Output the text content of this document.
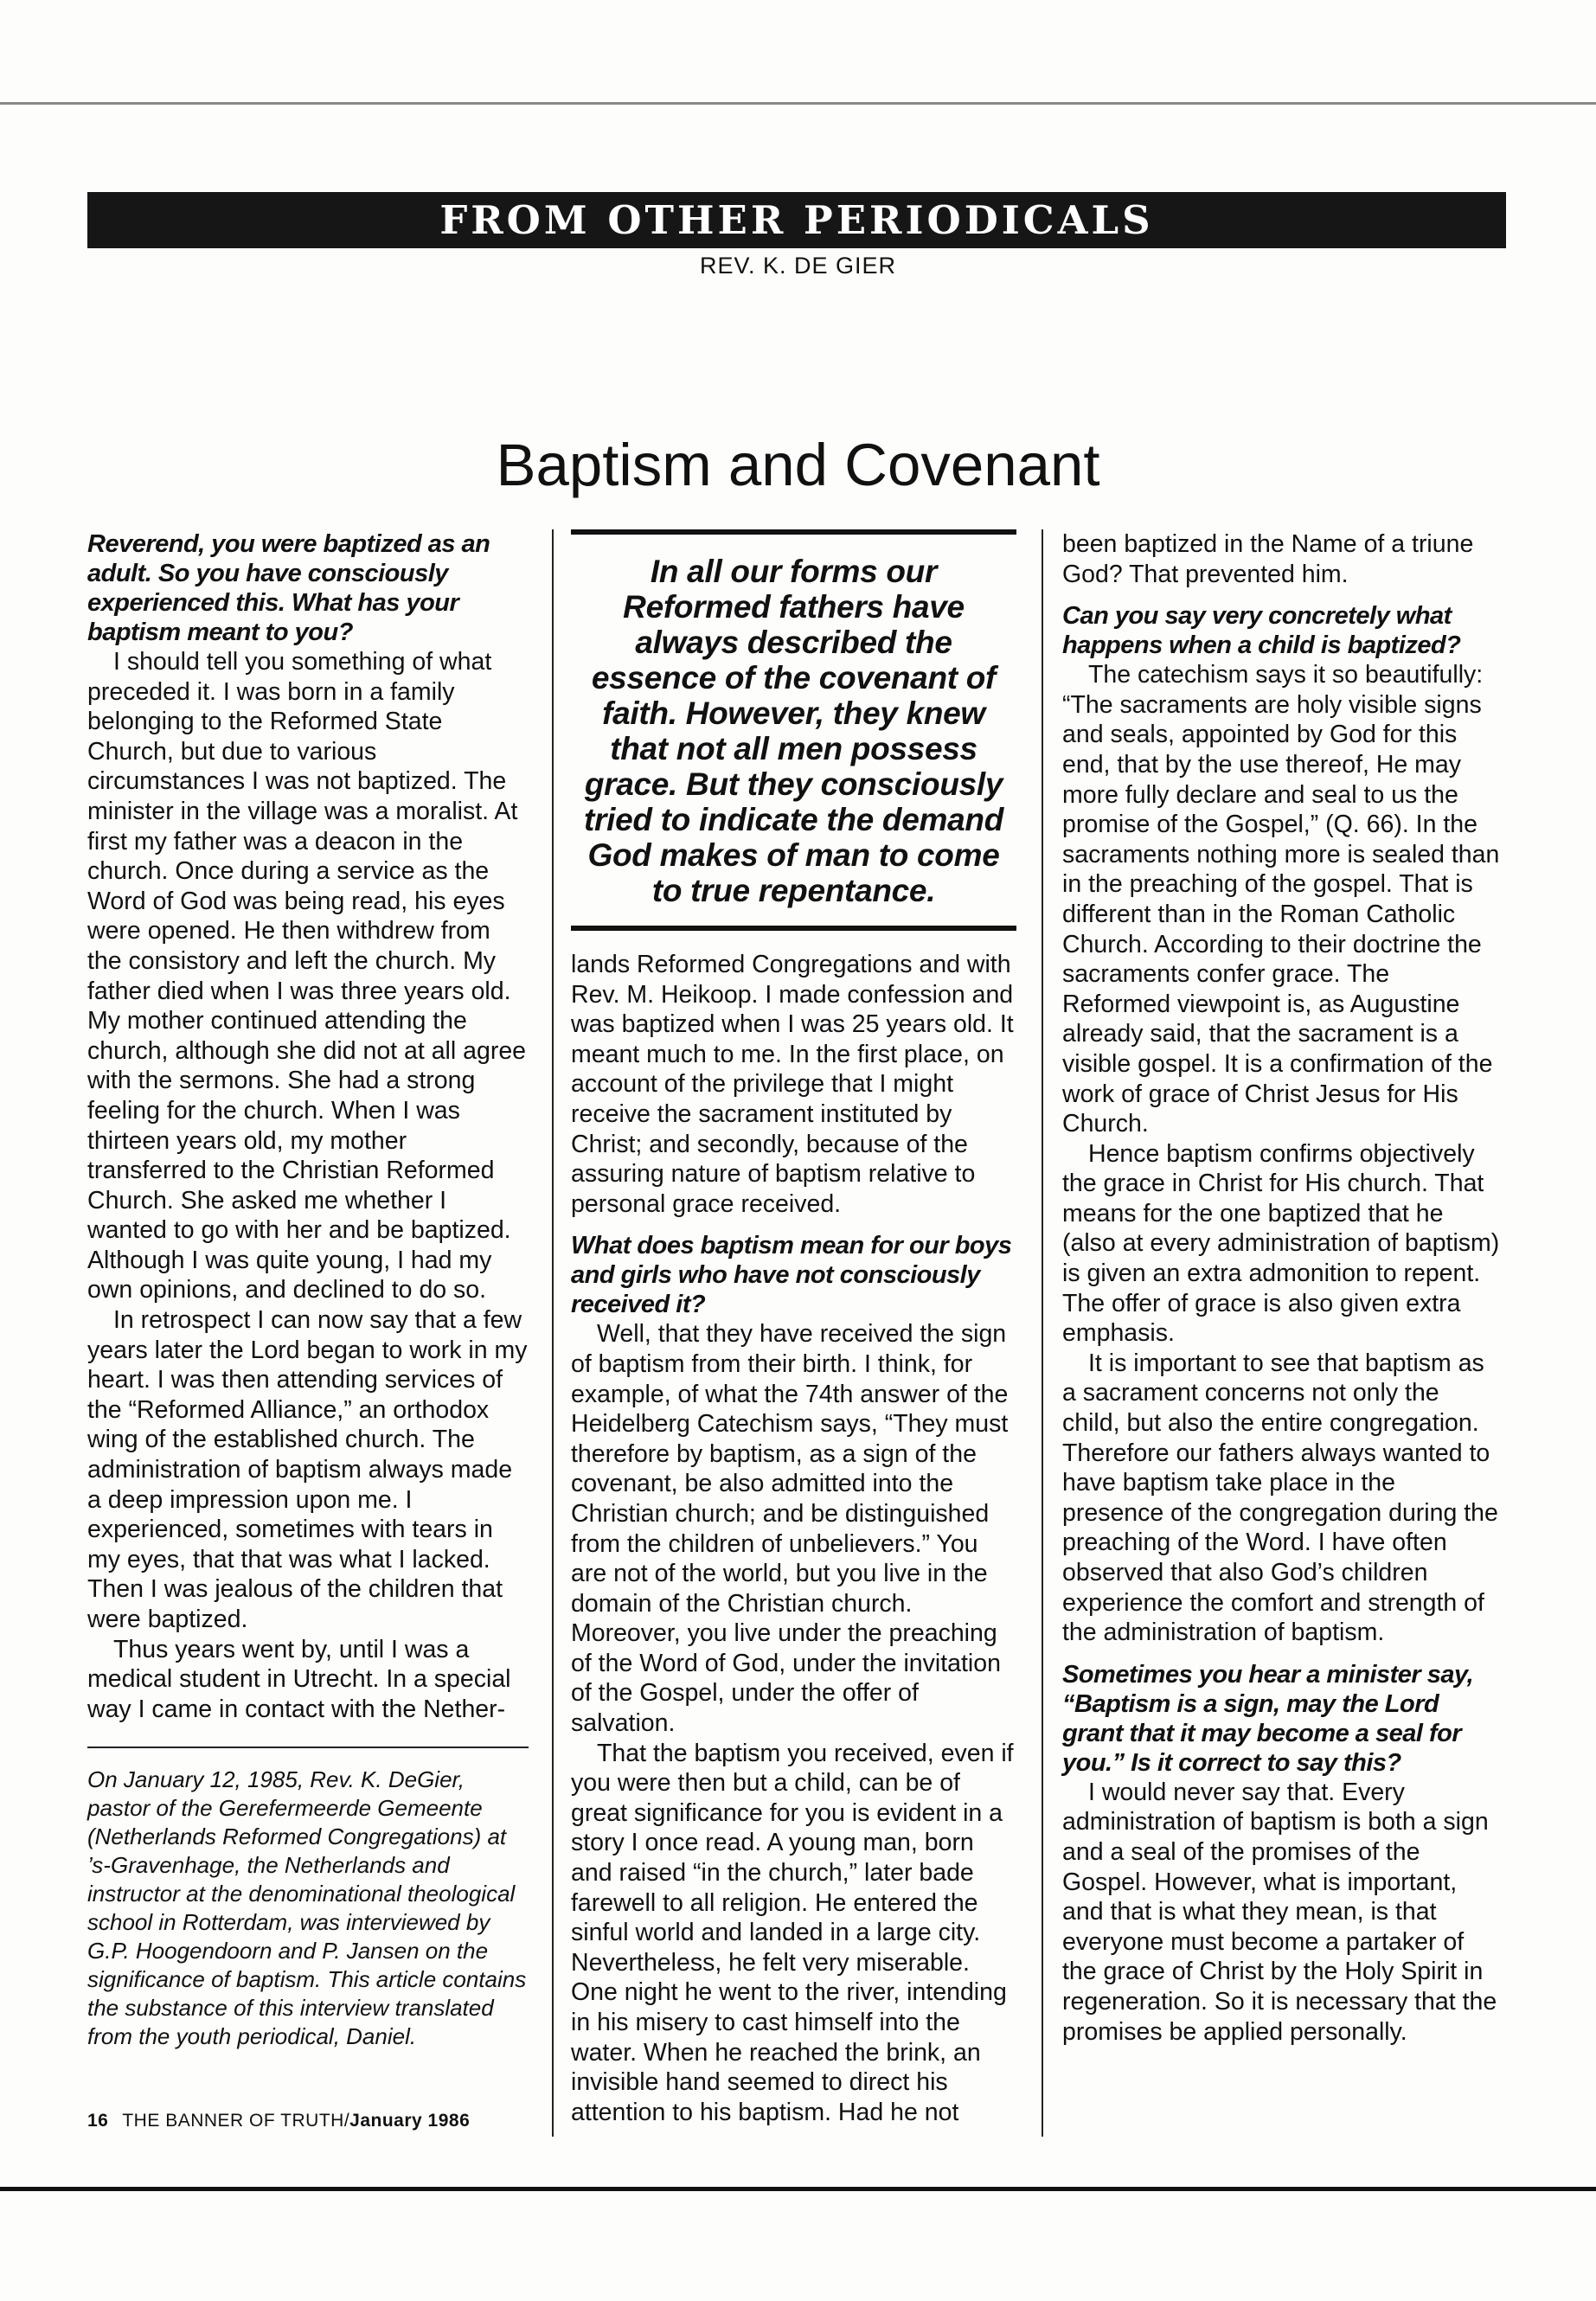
FROM OTHER PERIODICALS
REV. K. DE GIER
Baptism and Covenant

Reverend, you were baptized as an adult. So you have consciously experienced this. What has your baptism meant to you?

I should tell you something of what preceded it. I was born in a family belonging to the Reformed State Church, but due to various circumstances I was not baptized. The minister in the village was a moralist. At first my father was a deacon in the church. Once during a service as the Word of God was being read, his eyes were opened. He then withdrew from the consistory and left the church. My father died when I was three years old. My mother continued attending the church, although she did not at all agree with the sermons. She had a strong feeling for the church. When I was thirteen years old, my mother transferred to the Christian Reformed Church. She asked me whether I wanted to go with her and be baptized. Although I was quite young, I had my own opinions, and declined to do so.

In retrospect I can now say that a few years later the Lord began to work in my heart. I was then attending services of the “Reformed Alliance,” an orthodox wing of the established church. The administration of baptism always made a deep impression upon me. I experienced, sometimes with tears in my eyes, that that was what I lacked. Then I was jealous of the children that were baptized.

Thus years went by, until I was a medical student in Utrecht. In a special way I came in contact with the Nether-

On January 12, 1985, Rev. K. DeGier, pastor of the Gerefermeerde Gemeente (Netherlands Reformed Congregations) at ’s-Gravenhage, the Netherlands and instructor at the denominational theological school in Rotterdam, was interviewed by G.P. Hoogendoorn and P. Jansen on the significance of baptism. This article contains the substance of this interview translated from the youth periodical, Daniel.

In all our forms our Reformed fathers have always described the essence of the covenant of faith. However, they knew that not all men possess grace. But they consciously tried to indicate the demand God makes of man to come to true repentance.

lands Reformed Congregations and with Rev. M. Heikoop. I made confession and was baptized when I was 25 years old. It meant much to me. In the first place, on account of the privilege that I might receive the sacrament instituted by Christ; and secondly, because of the assuring nature of baptism relative to personal grace received.

What does baptism mean for our boys and girls who have not consciously received it?

Well, that they have received the sign of baptism from their birth. I think, for example, of what the 74th answer of the Heidelberg Catechism says, “They must therefore by baptism, as a sign of the covenant, be also admitted into the Christian church; and be distinguished from the children of unbelievers.” You are not of the world, but you live in the domain of the Christian church. Moreover, you live under the preaching of the Word of God, under the invitation of the Gospel, under the offer of salvation.

That the baptism you received, even if you were then but a child, can be of great significance for you is evident in a story I once read. A young man, born and raised “in the church,” later bade farewell to all religion. He entered the sinful world and landed in a large city. Nevertheless, he felt very miserable. One night he went to the river, intending in his misery to cast himself into the water. When he reached the brink, an invisible hand seemed to direct his attention to his baptism. Had he not

been baptized in the Name of a triune God? That prevented him.

Can you say very concretely what happens when a child is baptized?

The catechism says it so beautifully: “The sacraments are holy visible signs and seals, appointed by God for this end, that by the use thereof, He may more fully declare and seal to us the promise of the Gospel,” (Q. 66). In the sacraments nothing more is sealed than in the preaching of the gospel. That is different than in the Roman Catholic Church. According to their doctrine the sacraments confer grace. The Reformed viewpoint is, as Augustine already said, that the sacrament is a visible gospel. It is a confirmation of the work of grace of Christ Jesus for His Church.

Hence baptism confirms objectively the grace in Christ for His church. That means for the one baptized that he (also at every administration of baptism) is given an extra admonition to repent. The offer of grace is also given extra emphasis.

It is important to see that baptism as a sacrament concerns not only the child, but also the entire congregation. Therefore our fathers always wanted to have baptism take place in the presence of the congregation during the preaching of the Word. I have often observed that also God’s children experience the comfort and strength of the administration of baptism.

Sometimes you hear a minister say, “Baptism is a sign, may the Lord grant that it may become a seal for you.” Is it correct to say this?

I would never say that. Every administration of baptism is both a sign and a seal of the promises of the Gospel. However, what is important, and that is what they mean, is that everyone must become a partaker of the grace of Christ by the Holy Spirit in regeneration. So it is necessary that the promises be applied personally.

16 THE BANNER OF TRUTH/January 1986
